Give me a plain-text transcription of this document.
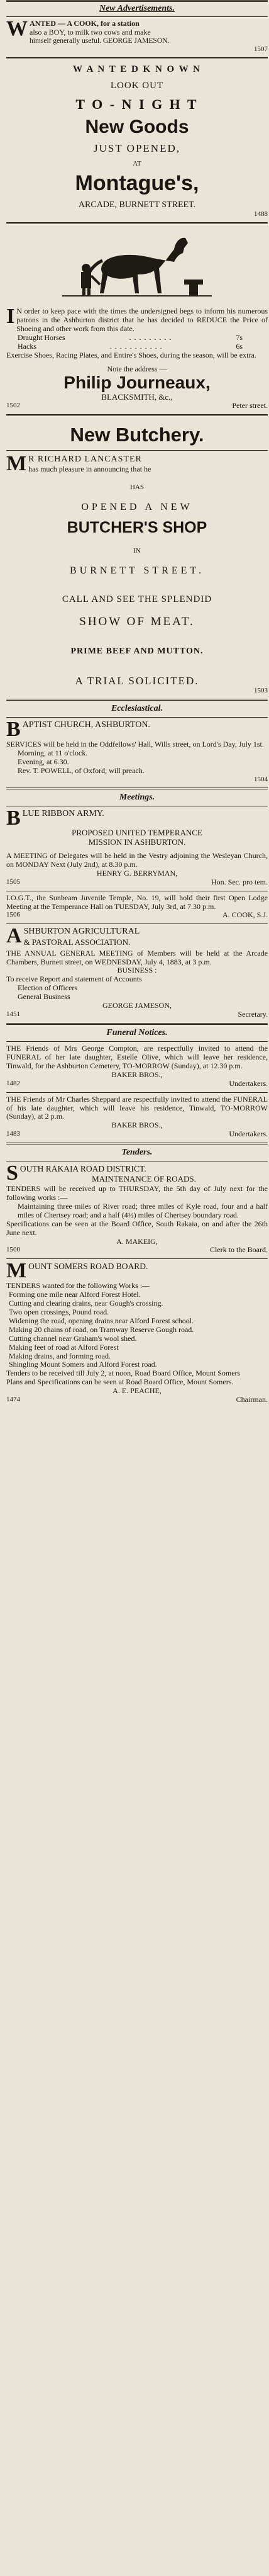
New Advertisements.
W ANTED — A COOK, for a station
also a BOY, to milk two cows and make
himself generally useful. GEORGE JAMESON.
1507
W A N T E D K N O W N
LOOK OUT
T O - N I G H T
New Goods
JUST OPENED,
AT
Montague's,
ARCADE, BURNETT STREET.
1488
I N order to keep pace with the times the undersigned begs to inform his numerous patrons in the Ashburton district that he has decided to REDUCE the Price of Shoeing and other work from this date.
Draught Horses	. . . . . . . . .	7s
Hacks	. . . . . . . . . . .	6s
Exercise Shoes, Racing Plates, and Entire's Shoes, during the season, will be extra.
Note the address —
Philip Journeaux,
BLACKSMITH, &c.,
1502	Peter street.
New Butchery.
M R RICHARD LANCASTER
has much pleasure in announcing that he
HAS
OPENED A NEW
BUTCHER'S SHOP
IN
BURNETT STREET.
CALL AND SEE THE SPLENDID
SHOW OF MEAT.
PRIME BEEF AND MUTTON.
A TRIAL SOLICITED.
1503
Ecclesiastical.
B APTIST CHURCH, ASHBURTON.
SERVICES will be held in the Oddfellows' Hall, Wills street, on Lord's Day, July 1st.
Morning, at 11 o'clock.
Evening, at 6.30.
Rev. T. POWELL, of Oxford, will preach.
1504
Meetings.
B LUE RIBBON ARMY.
PROPOSED UNITED TEMPERANCE
MISSION IN ASHBURTON.
A MEETING of Delegates will be held in the Vestry adjoining the Wesleyan Church, on MONDAY Next (July 2nd), at 8.30 p.m.
HENRY G. BERRYMAN,
1505	Hon. Sec. pro tem.
I.O.G.T., the Sunbeam Juvenile Temple, No. 19, will hold their first Open Lodge Meeting at the Temperance Hall on TUESDAY, July 3rd, at 7.30 p.m.
1506	A. COOK, S.J.
A SHBURTON AGRICULTURAL
& PASTORAL ASSOCIATION.
THE ANNUAL GENERAL MEETING of Members will be held at the Arcade Chambers, Burnett street, on WEDNESDAY, July 4, 1883, at 3 p.m.
BUSINESS :
To receive Report and statement of Accounts
Election of Officers
General Business
GEORGE JAMESON,
1451	Secretary.
Funeral Notices.
THE Friends of Mrs George Compton, are respectfully invited to attend the FUNERAL of her late daughter, Estelle Olive, which will leave her residence, Tinwald, for the Ashburton Cemetery, TO-MORROW (Sunday), at 12.30 p.m.
BAKER BROS.,
1482	Undertakers.
THE Friends of Mr Charles Sheppard are respectfully invited to attend the FUNERAL of his late daughter, which will leave his residence, Tinwald, TO-MORROW (Sunday), at 2 p.m.
BAKER BROS.,
1483	Undertakers.
Tenders.
S OUTH RAKAIA ROAD DISTRICT.
MAINTENANCE OF ROADS.
TENDERS will be received up to THURSDAY, the 5th day of July next for the following works :—
Maintaining three miles of River road; three miles of Kyle road, four and a half miles of Chertsey road; and a half (4½) miles of Chertsey boundary road.
Specifications can be seen at the Board Office, South Rakaia, on and after the 26th June next.
A. MAKEIG,
1500	Clerk to the Board.
M OUNT SOMERS ROAD BOARD.
TENDERS wanted for the following Works :—
Forming one mile near Alford Forest Hotel.
Cutting and clearing drains, near Gough's crossing.
Two open crossings, Pound road.
Widening the road, opening drains near Alford Forest school.
Making 20 chains of road, on Tramway Reserve Gough road.
Cutting channel near Graham's wool shed.
Making feet of road at Alford Forest
Making drains, and forming road.
Shingling Mount Somers and Alford Forest road.
Tenders to be received till July 2, at noon, Road Board Office, Mount Somers
Plans and Specifications can be seen at Road Board Office, Mount Somers.
A. E. PEACHE,
1474	Chairman.
